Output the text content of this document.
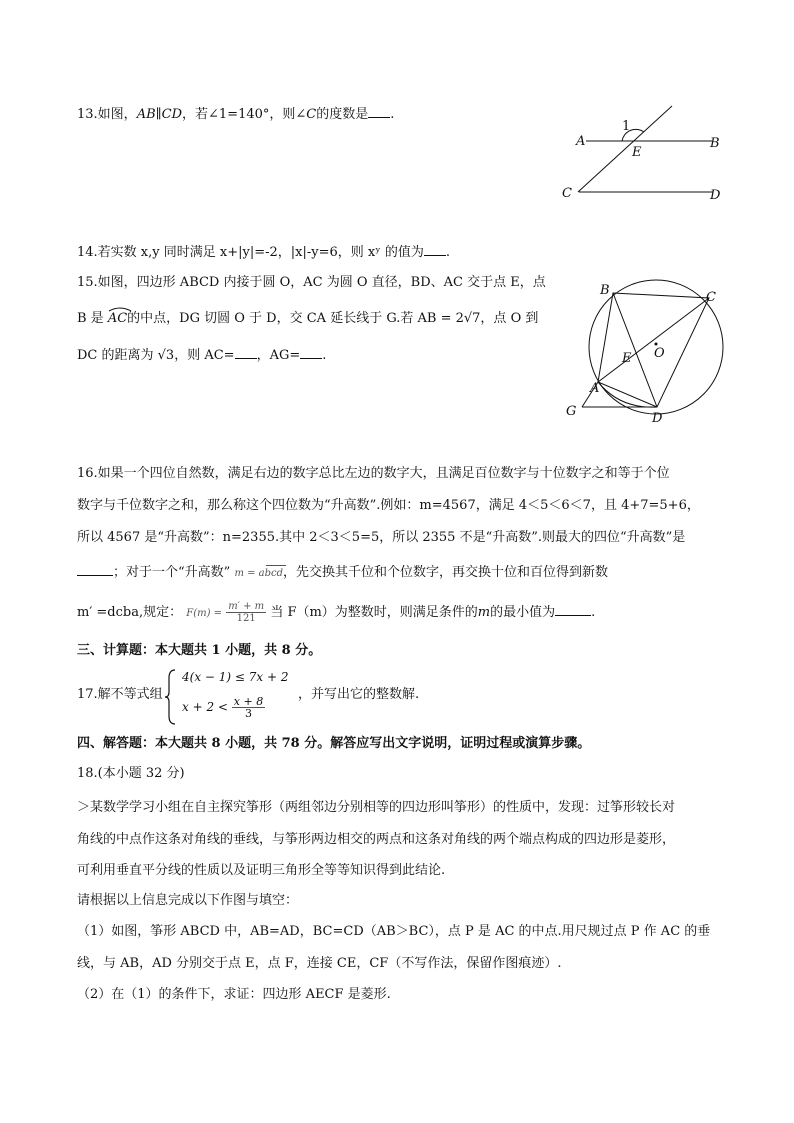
13.如图，AB∥CD，若∠1=140°，则∠C的度数是 .
A	B
C	D
E
1
14.若实数 x,y 同时满足 x+|y|=-2，|x|-y=6，则 xʸ 的值为 .
15.如图，四边形 ABCD 内接于圆 O，AC 为圆 O 直径，BD、AC 交于点 E，点
B 是 AC的中点，DG 切圆 O 于 D，交 CA 延长线于 G.若 AB = 2√7，点 O 到
DC 的距离为 √3，则 AC= ，AG= .
B	C
O
E
A
G	D
16.如果一个四位自然数，满足右边的数字总比左边的数字大，且满足百位数字与十位数字之和等于个位
数字与千位数字之和，那么称这个四位数为“升高数”.例如：m=4567，满足 4＜5＜6＜7，且 4+7=5+6，
所以 4567 是“升高数”：n=2355.其中 2＜3＜5=5，所以 2355 不是“升高数”.则最大的四位“升高数”是
；对于一个“升高数” m = abcd
，先交换其千位和个位数字，再交换十位和百位得到新数
m′ =dcba,规定： $F(m) = \frac{m' + m}{121}$ 当 F（m）为整数时，则满足条件的m的最小值为	.
三、计算题：本大题共 1 小题，共 8 分。
17.解不等式组
4(x − 1) ≤ 7x + 2
$x + 2 < \frac{x + 8}{3}$
，并写出它的整数解.
四、解答题：本大题共 8 小题，共 78 分。解答应写出文字说明，证明过程或演算步骤。
18.(本小题 32 分)
＞某数学学习小组在自主探究筝形（两组邻边分别相等的四边形叫筝形）的性质中，发现：过筝形较长对
角线的中点作这条对角线的垂线，与筝形两边相交的两点和这条对角线的两个端点构成的四边形是菱形，
可利用垂直平分线的性质以及证明三角形全等等知识得到此结论.
请根据以上信息完成以下作图与填空：
（1）如图，筝形 ABCD 中，AB=AD，BC=CD（AB＞BC），点 P 是 AC 的中点.用尺规过点 P 作 AC 的垂
线，与 AB，AD 分别交于点 E，点 F，连接 CE，CF（不写作法，保留作图痕迹）.
（2）在（1）的条件下，求证：四边形 AECF 是菱形.
